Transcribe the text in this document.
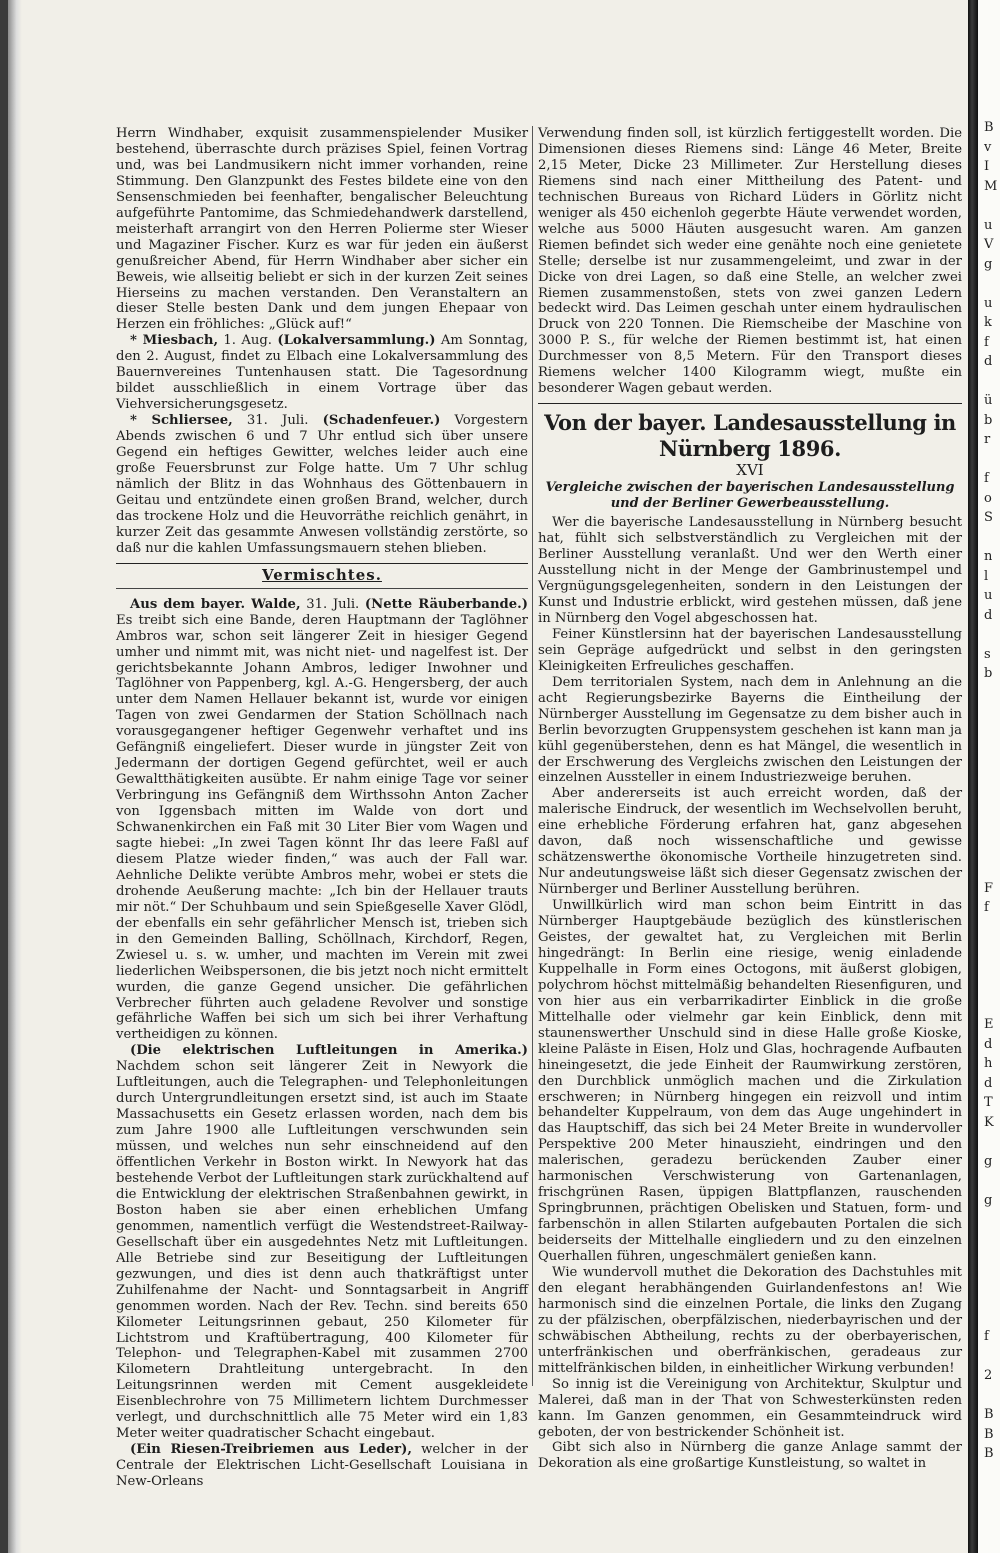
Herrn Windhaber, exquisit zusammenspielender Musiker bestehend, überraschte durch präzises Spiel, feinen Vortrag und, was bei Landmusikern nicht immer vorhanden, reine Stimmung. Den Glanzpunkt des Festes bildete eine von den Sensenschmieden bei feenhafter, bengalischer Beleuchtung aufgeführte Pantomime, das Schmiedehandwerk darstellend, meisterhaft arrangirt von den Herren Polierme ster Wieser und Magaziner Fischer. Kurz es war für jeden ein äußerst genußreicher Abend, für Herrn Windhaber aber sicher ein Beweis, wie allseitig beliebt er sich in der kurzen Zeit seines Hierseins zu machen verstanden. Den Veranstaltern an dieser Stelle besten Dank und dem jungen Ehepaar von Herzen ein fröhliches: „Glück auf!“

* Miesbach, 1. Aug. (Lokalversammlung.) Am Sonntag, den 2. August, findet zu Elbach eine Lokalversammlung des Bauernvereines Tuntenhausen statt. Die Tagesordnung bildet ausschließlich in einem Vortrage über das Viehversicherungsgesetz.

* Schliersee, 31. Juli. (Schadenfeuer.) Vorgestern Abends zwischen 6 und 7 Uhr entlud sich über unsere Gegend ein heftiges Gewitter, welches leider auch eine große Feuersbrunst zur Folge hatte. Um 7 Uhr schlug nämlich der Blitz in das Wohnhaus des Göttenbauern in Geitau und entzündete einen großen Brand, welcher, durch das trockene Holz und die Heuvorräthe reichlich genährt, in kurzer Zeit das gesammte Anwesen vollständig zerstörte, so daß nur die kahlen Umfassungsmauern stehen blieben.

Vermischtes.

Aus dem bayer. Walde, 31. Juli. (Nette Räuberbande.) Es treibt sich eine Bande, deren Hauptmann der Taglöhner Ambros war, schon seit längerer Zeit in hiesiger Gegend umher und nimmt mit, was nicht niet- und nagelfest ist. Der gerichtsbekannte Johann Ambros, lediger Inwohner und Taglöhner von Pappenberg, kgl. A.-G. Hengersberg, der auch unter dem Namen Hellauer bekannt ist, wurde vor einigen Tagen von zwei Gendarmen der Station Schöllnach nach vorausgegangener heftiger Gegenwehr verhaftet und ins Gefängniß eingeliefert. Dieser wurde in jüngster Zeit von Jedermann der dortigen Gegend gefürchtet, weil er auch Gewaltthätigkeiten ausübte. Er nahm einige Tage vor seiner Verbringung ins Gefängniß dem Wirthssohn Anton Zacher von Iggensbach mitten im Walde von dort und Schwanenkirchen ein Faß mit 30 Liter Bier vom Wagen und sagte hiebei: „In zwei Tagen könnt Ihr das leere Faßl auf diesem Platze wieder finden,“ was auch der Fall war. Aehnliche Delikte verübte Ambros mehr, wobei er stets die drohende Aeußerung machte: „Ich bin der Hellauer trauts mir nöt.“ Der Schuhbaum und sein Spießgeselle Xaver Glödl, der ebenfalls ein sehr gefährlicher Mensch ist, trieben sich in den Gemeinden Balling, Schöllnach, Kirchdorf, Regen, Zwiesel u. s. w. umher, und machten im Verein mit zwei liederlichen Weibspersonen, die bis jetzt noch nicht ermittelt wurden, die ganze Gegend unsicher. Die gefährlichen Verbrecher führten auch geladene Revolver und sonstige gefährliche Waffen bei sich um sich bei ihrer Verhaftung vertheidigen zu können.

(Die elektrischen Luftleitungen in Amerika.) Nachdem schon seit längerer Zeit in Newyork die Luftleitungen, auch die Telegraphen- und Telephonleitungen durch Untergrundleitungen ersetzt sind, ist auch im Staate Massachusetts ein Gesetz erlassen worden, nach dem bis zum Jahre 1900 alle Luftleitungen verschwunden sein müssen, und welches nun sehr einschneidend auf den öffentlichen Verkehr in Boston wirkt. In Newyork hat das bestehende Verbot der Luftleitungen stark zurückhaltend auf die Entwicklung der elektrischen Straßenbahnen gewirkt, in Boston haben sie aber einen erheblichen Umfang genommen, namentlich verfügt die Westendstreet-Railway-Gesellschaft über ein ausgedehntes Netz mit Luftleitungen. Alle Betriebe sind zur Beseitigung der Luftleitungen gezwungen, und dies ist denn auch thatkräftigst unter Zuhilfenahme der Nacht- und Sonntagsarbeit in Angriff genommen worden. Nach der Rev. Techn. sind bereits 650 Kilometer Leitungsrinnen gebaut, 250 Kilometer für Lichtstrom und Kraftübertragung, 400 Kilometer für Telephon- und Telegraphen-Kabel mit zusammen 2700 Kilometern Drahtleitung untergebracht. In den Leitungsrinnen werden mit Cement ausgekleidete Eisenblechrohre von 75 Millimetern lichtem Durchmesser verlegt, und durchschnittlich alle 75 Meter wird ein 1,83 Meter weiter quadratischer Schacht eingebaut.

(Ein Riesen-Treibriemen aus Leder), welcher in der Centrale der Elektrischen Licht-Gesellschaft Louisiana in New-Orleans

Verwendung finden soll, ist kürzlich fertiggestellt worden. Die Dimensionen dieses Riemens sind: Länge 46 Meter, Breite 2,15 Meter, Dicke 23 Millimeter. Zur Herstellung dieses Riemens sind nach einer Mittheilung des Patent- und technischen Bureaus von Richard Lüders in Görlitz nicht weniger als 450 eichenloh gegerbte Häute verwendet worden, welche aus 5000 Häuten ausgesucht waren. Am ganzen Riemen befindet sich weder eine genähte noch eine genietete Stelle; derselbe ist nur zusammengeleimt, und zwar in der Dicke von drei Lagen, so daß eine Stelle, an welcher zwei Riemen zusammenstoßen, stets von zwei ganzen Ledern bedeckt wird. Das Leimen geschah unter einem hydraulischen Druck von 220 Tonnen. Die Riemscheibe der Maschine von 3000 P. S., für welche der Riemen bestimmt ist, hat einen Durchmesser von 8,5 Metern. Für den Transport dieses Riemens welcher 1400 Kilogramm wiegt, mußte ein besonderer Wagen gebaut werden.

Von der bayer. Landesausstellung in Nürnberg 1896.
XVI
Vergleiche zwischen der bayerischen Landesausstellung und der Berliner Gewerbeausstellung.

Wer die bayerische Landesausstellung in Nürnberg besucht hat, fühlt sich selbstverständlich zu Vergleichen mit der Berliner Ausstellung veranlaßt. Und wer den Werth einer Ausstellung nicht in der Menge der Gambrinustempel und Vergnügungsgelegenheiten, sondern in den Leistungen der Kunst und Industrie erblickt, wird gestehen müssen, daß jene in Nürnberg den Vogel abgeschossen hat.

Feiner Künstlersinn hat der bayerischen Landesausstellung sein Gepräge aufgedrückt und selbst in den geringsten Kleinigkeiten Erfreuliches geschaffen.

Dem territorialen System, nach dem in Anlehnung an die acht Regierungsbezirke Bayerns die Eintheilung der Nürnberger Ausstellung im Gegensatze zu dem bisher auch in Berlin bevorzugten Gruppensystem geschehen ist kann man ja kühl gegenüberstehen, denn es hat Mängel, die wesentlich in der Erschwerung des Vergleichs zwischen den Leistungen der einzelnen Aussteller in einem Industriezweige beruhen.

Aber andererseits ist auch erreicht worden, daß der malerische Eindruck, der wesentlich im Wechselvollen beruht, eine erhebliche Förderung erfahren hat, ganz abgesehen davon, daß noch wissenschaftliche und gewisse schätzenswerthe ökonomische Vortheile hinzugetreten sind. Nur andeutungsweise läßt sich dieser Gegensatz zwischen der Nürnberger und Berliner Ausstellung berühren.

Unwillkürlich wird man schon beim Eintritt in das Nürnberger Hauptgebäude bezüglich des künstlerischen Geistes, der gewaltet hat, zu Vergleichen mit Berlin hingedrängt: In Berlin eine riesige, wenig einladende Kuppelhalle in Form eines Octogons, mit äußerst globigen, polychrom höchst mittelmäßig behandelten Riesenfiguren, und von hier aus ein verbarrikadirter Einblick in die große Mittelhalle oder vielmehr gar kein Einblick, denn mit staunenswerther Unschuld sind in diese Halle große Kioske, kleine Paläste in Eisen, Holz und Glas, hochragende Aufbauten hineingesetzt, die jede Einheit der Raumwirkung zerstören, den Durchblick unmöglich machen und die Zirkulation erschweren; in Nürnberg hingegen ein reizvoll und intim behandelter Kuppelraum, von dem das Auge ungehindert in das Hauptschiff, das sich bei 24 Meter Breite in wundervoller Perspektive 200 Meter hinauszieht, eindringen und den malerischen, geradezu berückenden Zauber einer harmonischen Verschwisterung von Gartenanlagen, frischgrünen Rasen, üppigen Blattpflanzen, rauschenden Springbrunnen, prächtigen Obelisken und Statuen, form- und farbenschön in allen Stilarten aufgebauten Portalen die sich beiderseits der Mittelhalle eingliedern und zu den einzelnen Querhallen führen, ungeschmälert genießen kann.

Wie wundervoll muthet die Dekoration des Dachstuhles mit den elegant herabhängenden Guirlandenfestons an! Wie harmonisch sind die einzelnen Portale, die links den Zugang zu der pfälzischen, oberpfälzischen, niederbayrischen und der schwäbischen Abtheilung, rechts zu der oberbayerischen, unterfränkischen und oberfränkischen, geradeaus zur mittelfränkischen bilden, in einheitlicher Wirkung verbunden!

So innig ist die Vereinigung von Architektur, Skulptur und Malerei, daß man in der That von Schwesterkünsten reden kann. Im Ganzen genommen, ein Gesammteindruck wird geboten, der von bestrickender Schönheit ist.

Gibt sich also in Nürnberg die ganze Anlage sammt der Dekoration als eine großartige Kunstleistung, so waltet in

B
v
I
M

u
V
g

u
k
f
d

ü
b
r

f
o
S

n
l
u
d

s
b

F
f

E
d
h
d
T
K

g

g

f

2

B
B
B
